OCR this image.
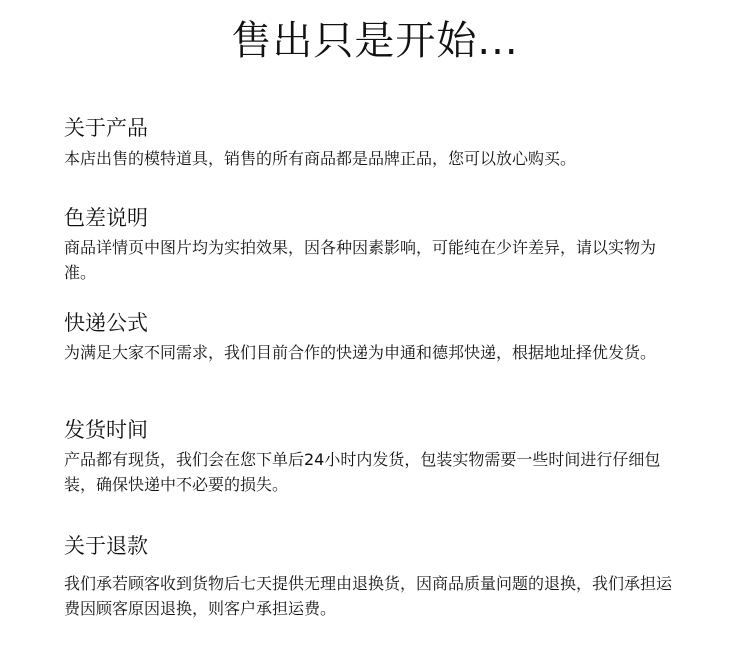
售出只是开始...
关于产品

本店出售的模特道具，销售的所有商品都是品牌正品，您可以放心购买。

色差说明

商品详情页中图片均为实拍效果，因各种因素影响，可能纯在少许差异，请以实物为准。

快递公式

为满足大家不同需求，我们目前合作的快递为申通和德邦快递，根据地址择优发货。

发货时间

产品都有现货，我们会在您下单后24小时内发货，包装实物需要一些时间进行仔细包装，确保快递中不必要的损失。

关于退款

我们承若顾客收到货物后七天提供无理由退换货，因商品质量问题的退换，我们承担运费因顾客原因退换，则客户承担运费。
